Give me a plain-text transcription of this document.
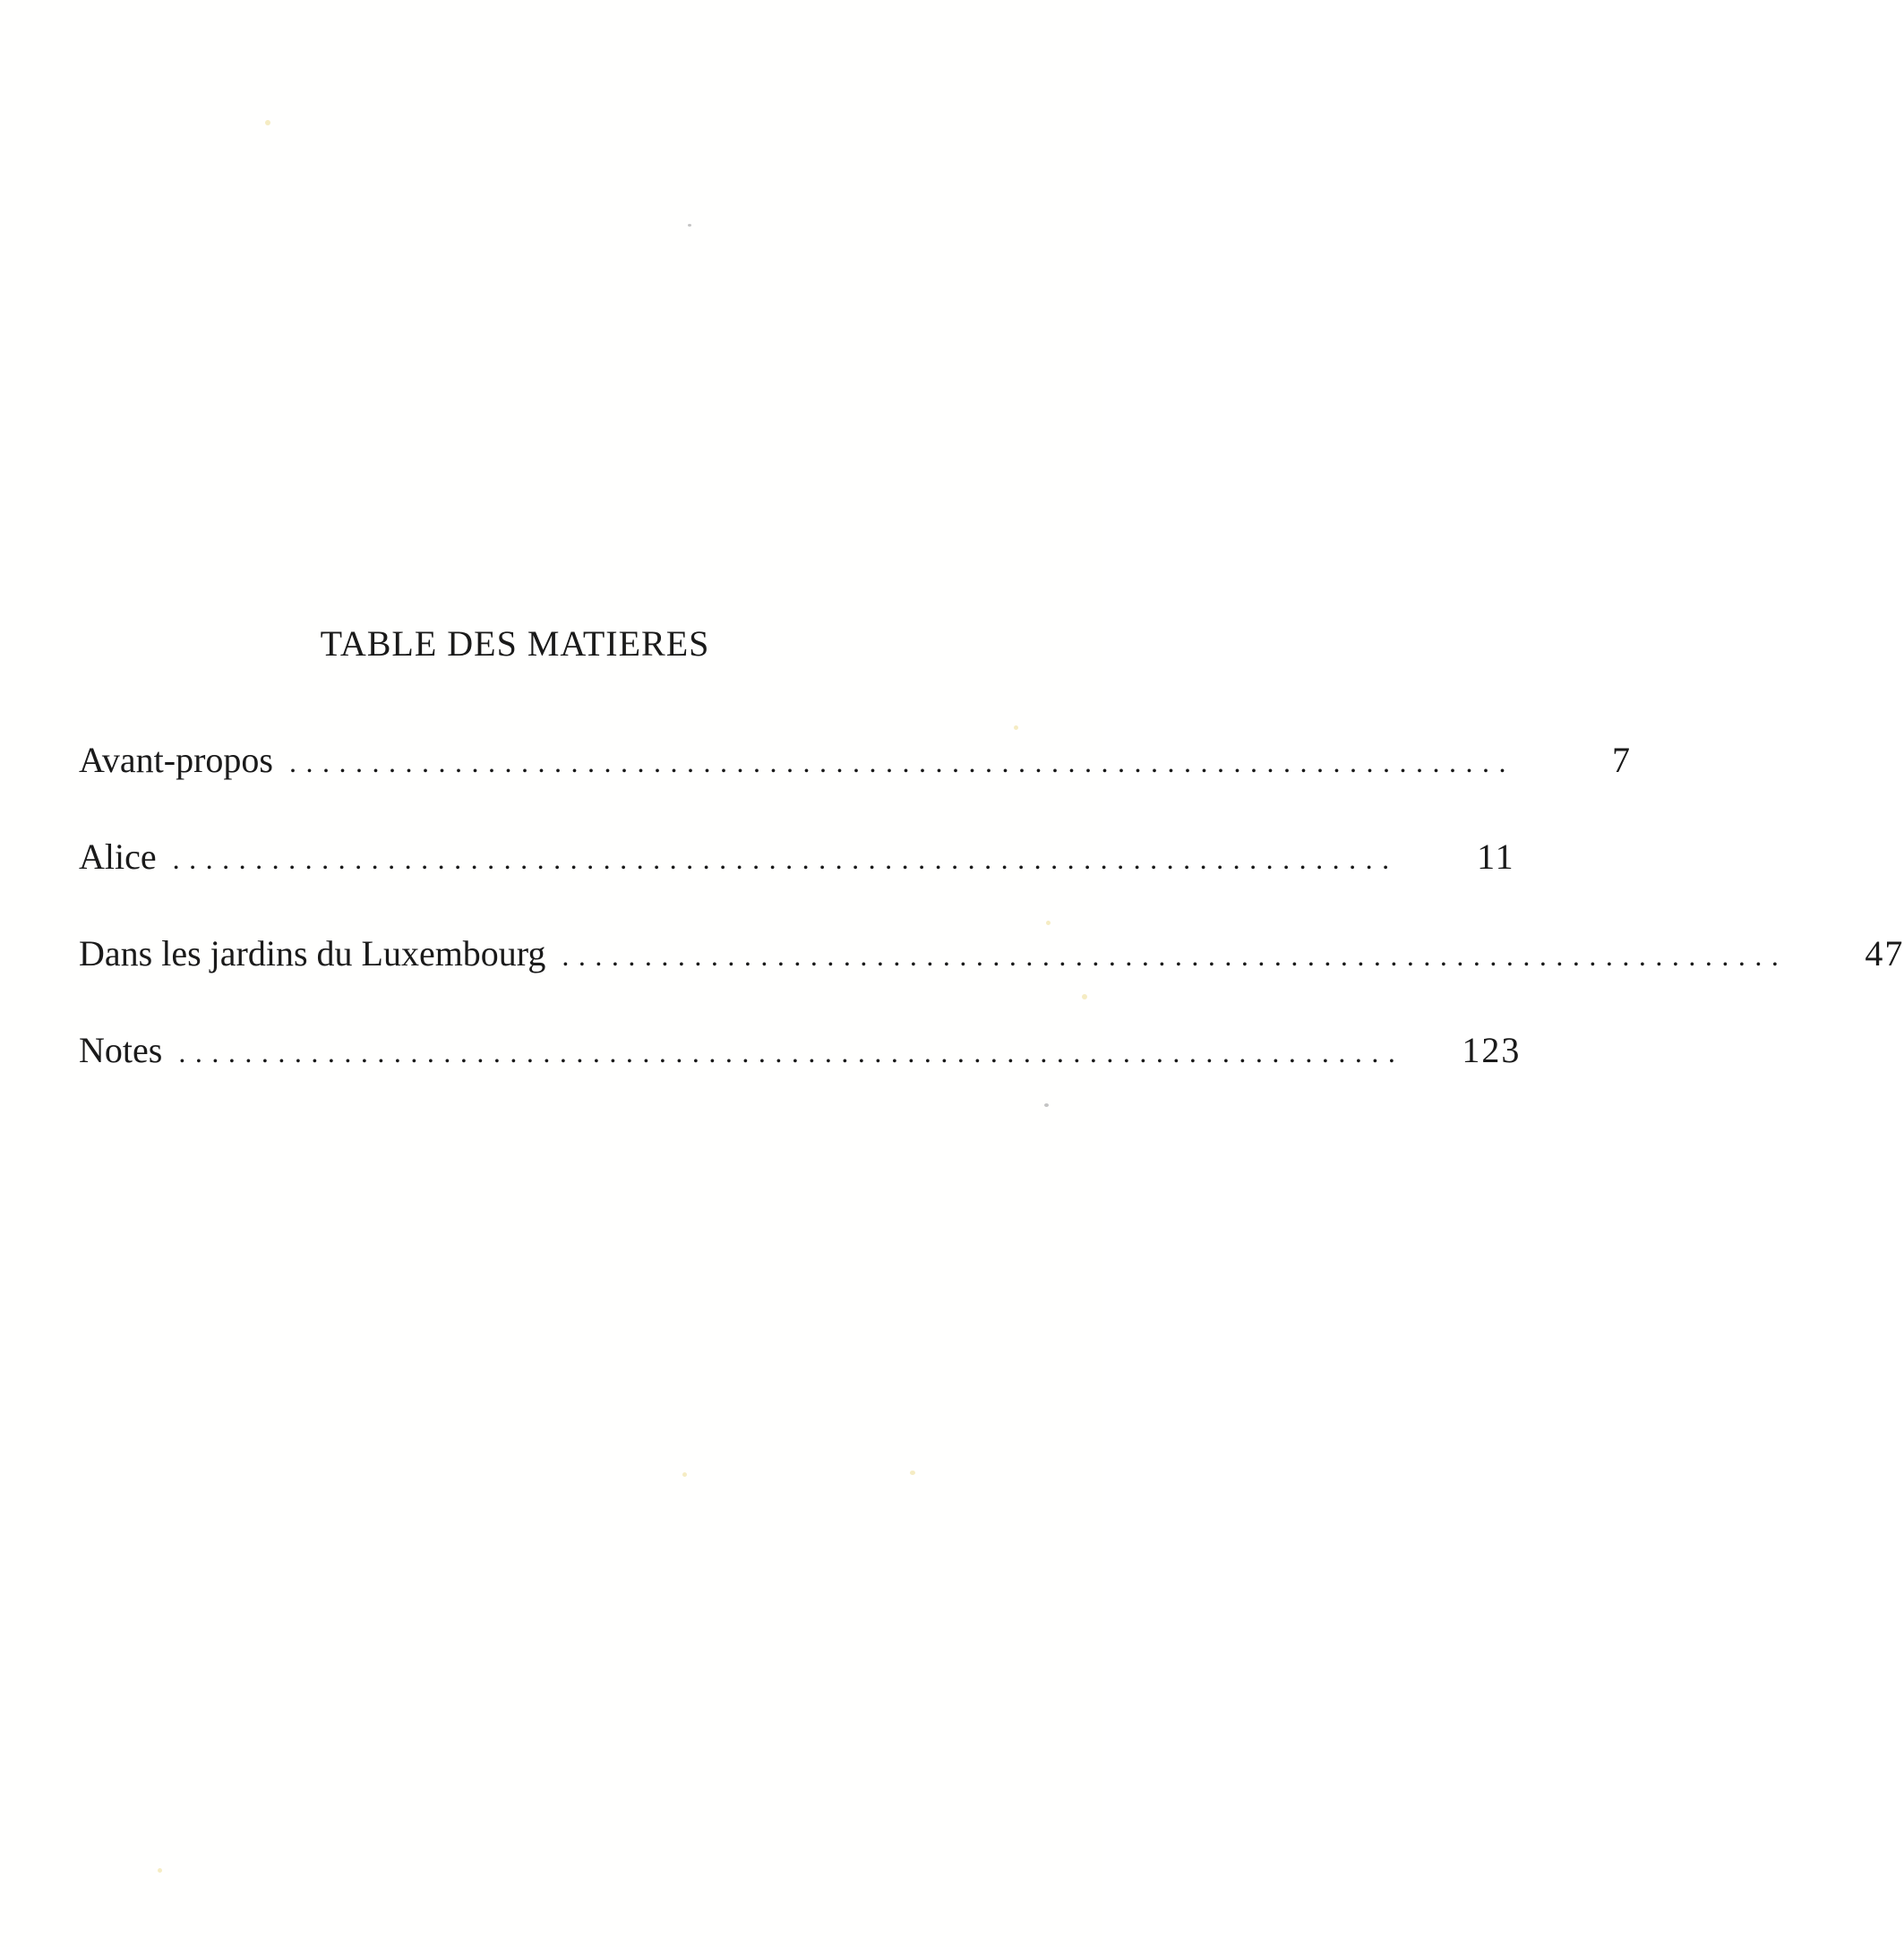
TABLE DES MATIERES
Avant-propos ..........................................................................	7
Alice ..........................................................................	11
Dans les jardins du Luxembourg ..........................................................................	47
Notes ..........................................................................	123
